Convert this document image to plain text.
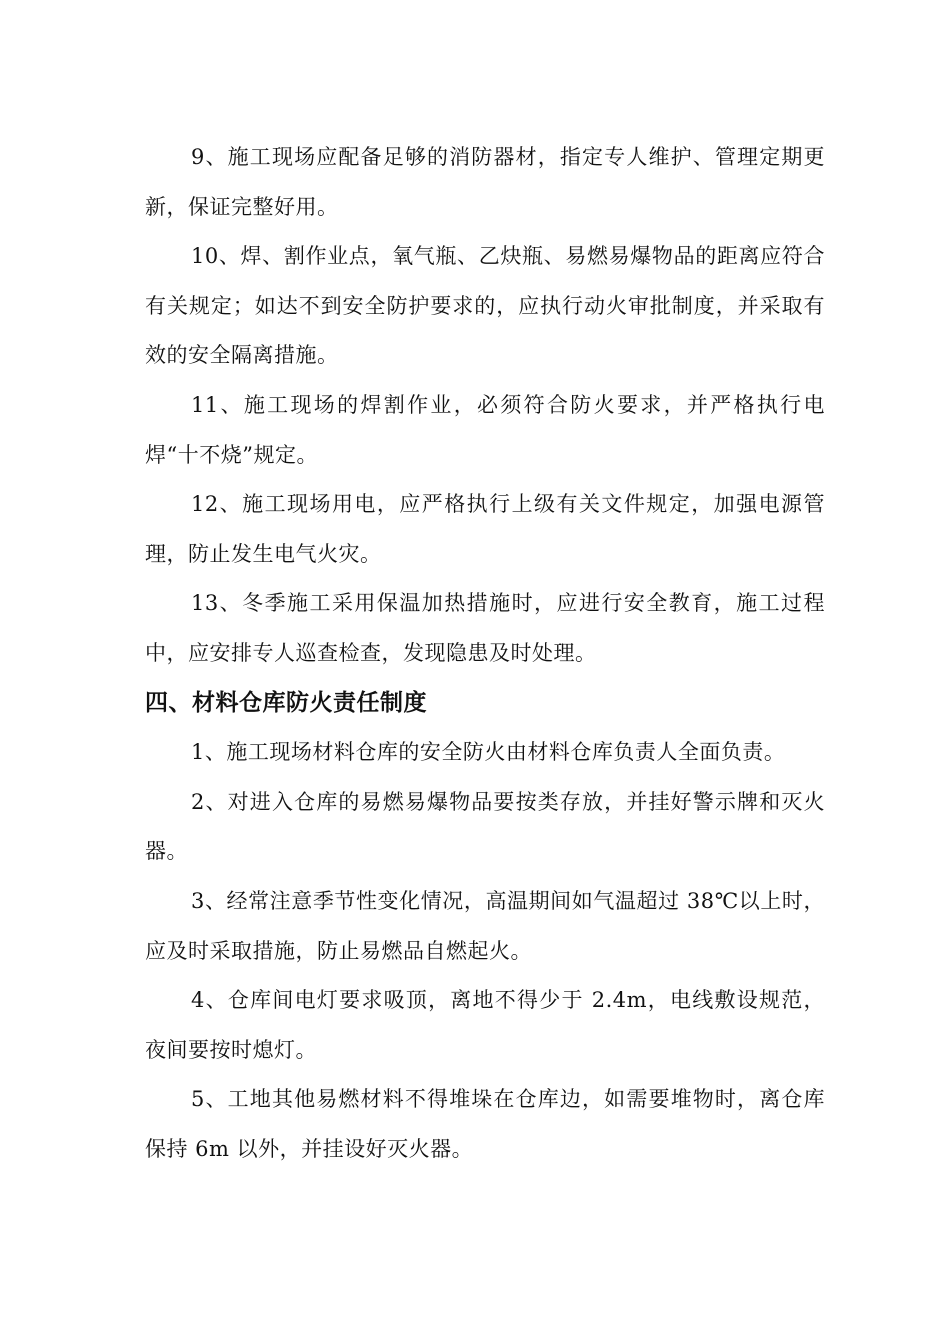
9、施工现场应配备足够的消防器材，指定专人维护、管理定期更新，保证完整好用。

10、焊、割作业点，氧气瓶、乙炔瓶、易燃易爆物品的距离应符合有关规定；如达不到安全防护要求的，应执行动火审批制度，并采取有效的安全隔离措施。

11、施工现场的焊割作业，必须符合防火要求，并严格执行电焊“十不烧”规定。

12、施工现场用电，应严格执行上级有关文件规定，加强电源管理，防止发生电气火灾。

13、冬季施工采用保温加热措施时，应进行安全教育，施工过程中，应安排专人巡查检查，发现隐患及时处理。

四、材料仓库防火责任制度

1、施工现场材料仓库的安全防火由材料仓库负责人全面负责。

2、对进入仓库的易燃易爆物品要按类存放，并挂好警示牌和灭火器。

3、经常注意季节性变化情况，高温期间如气温超过 38℃以上时，应及时采取措施，防止易燃品自燃起火。

4、仓库间电灯要求吸顶，离地不得少于 2.4m，电线敷设规范，夜间要按时熄灯。

5、工地其他易燃材料不得堆垛在仓库边，如需要堆物时，离仓库保持 6m 以外，并挂设好灭火器。
